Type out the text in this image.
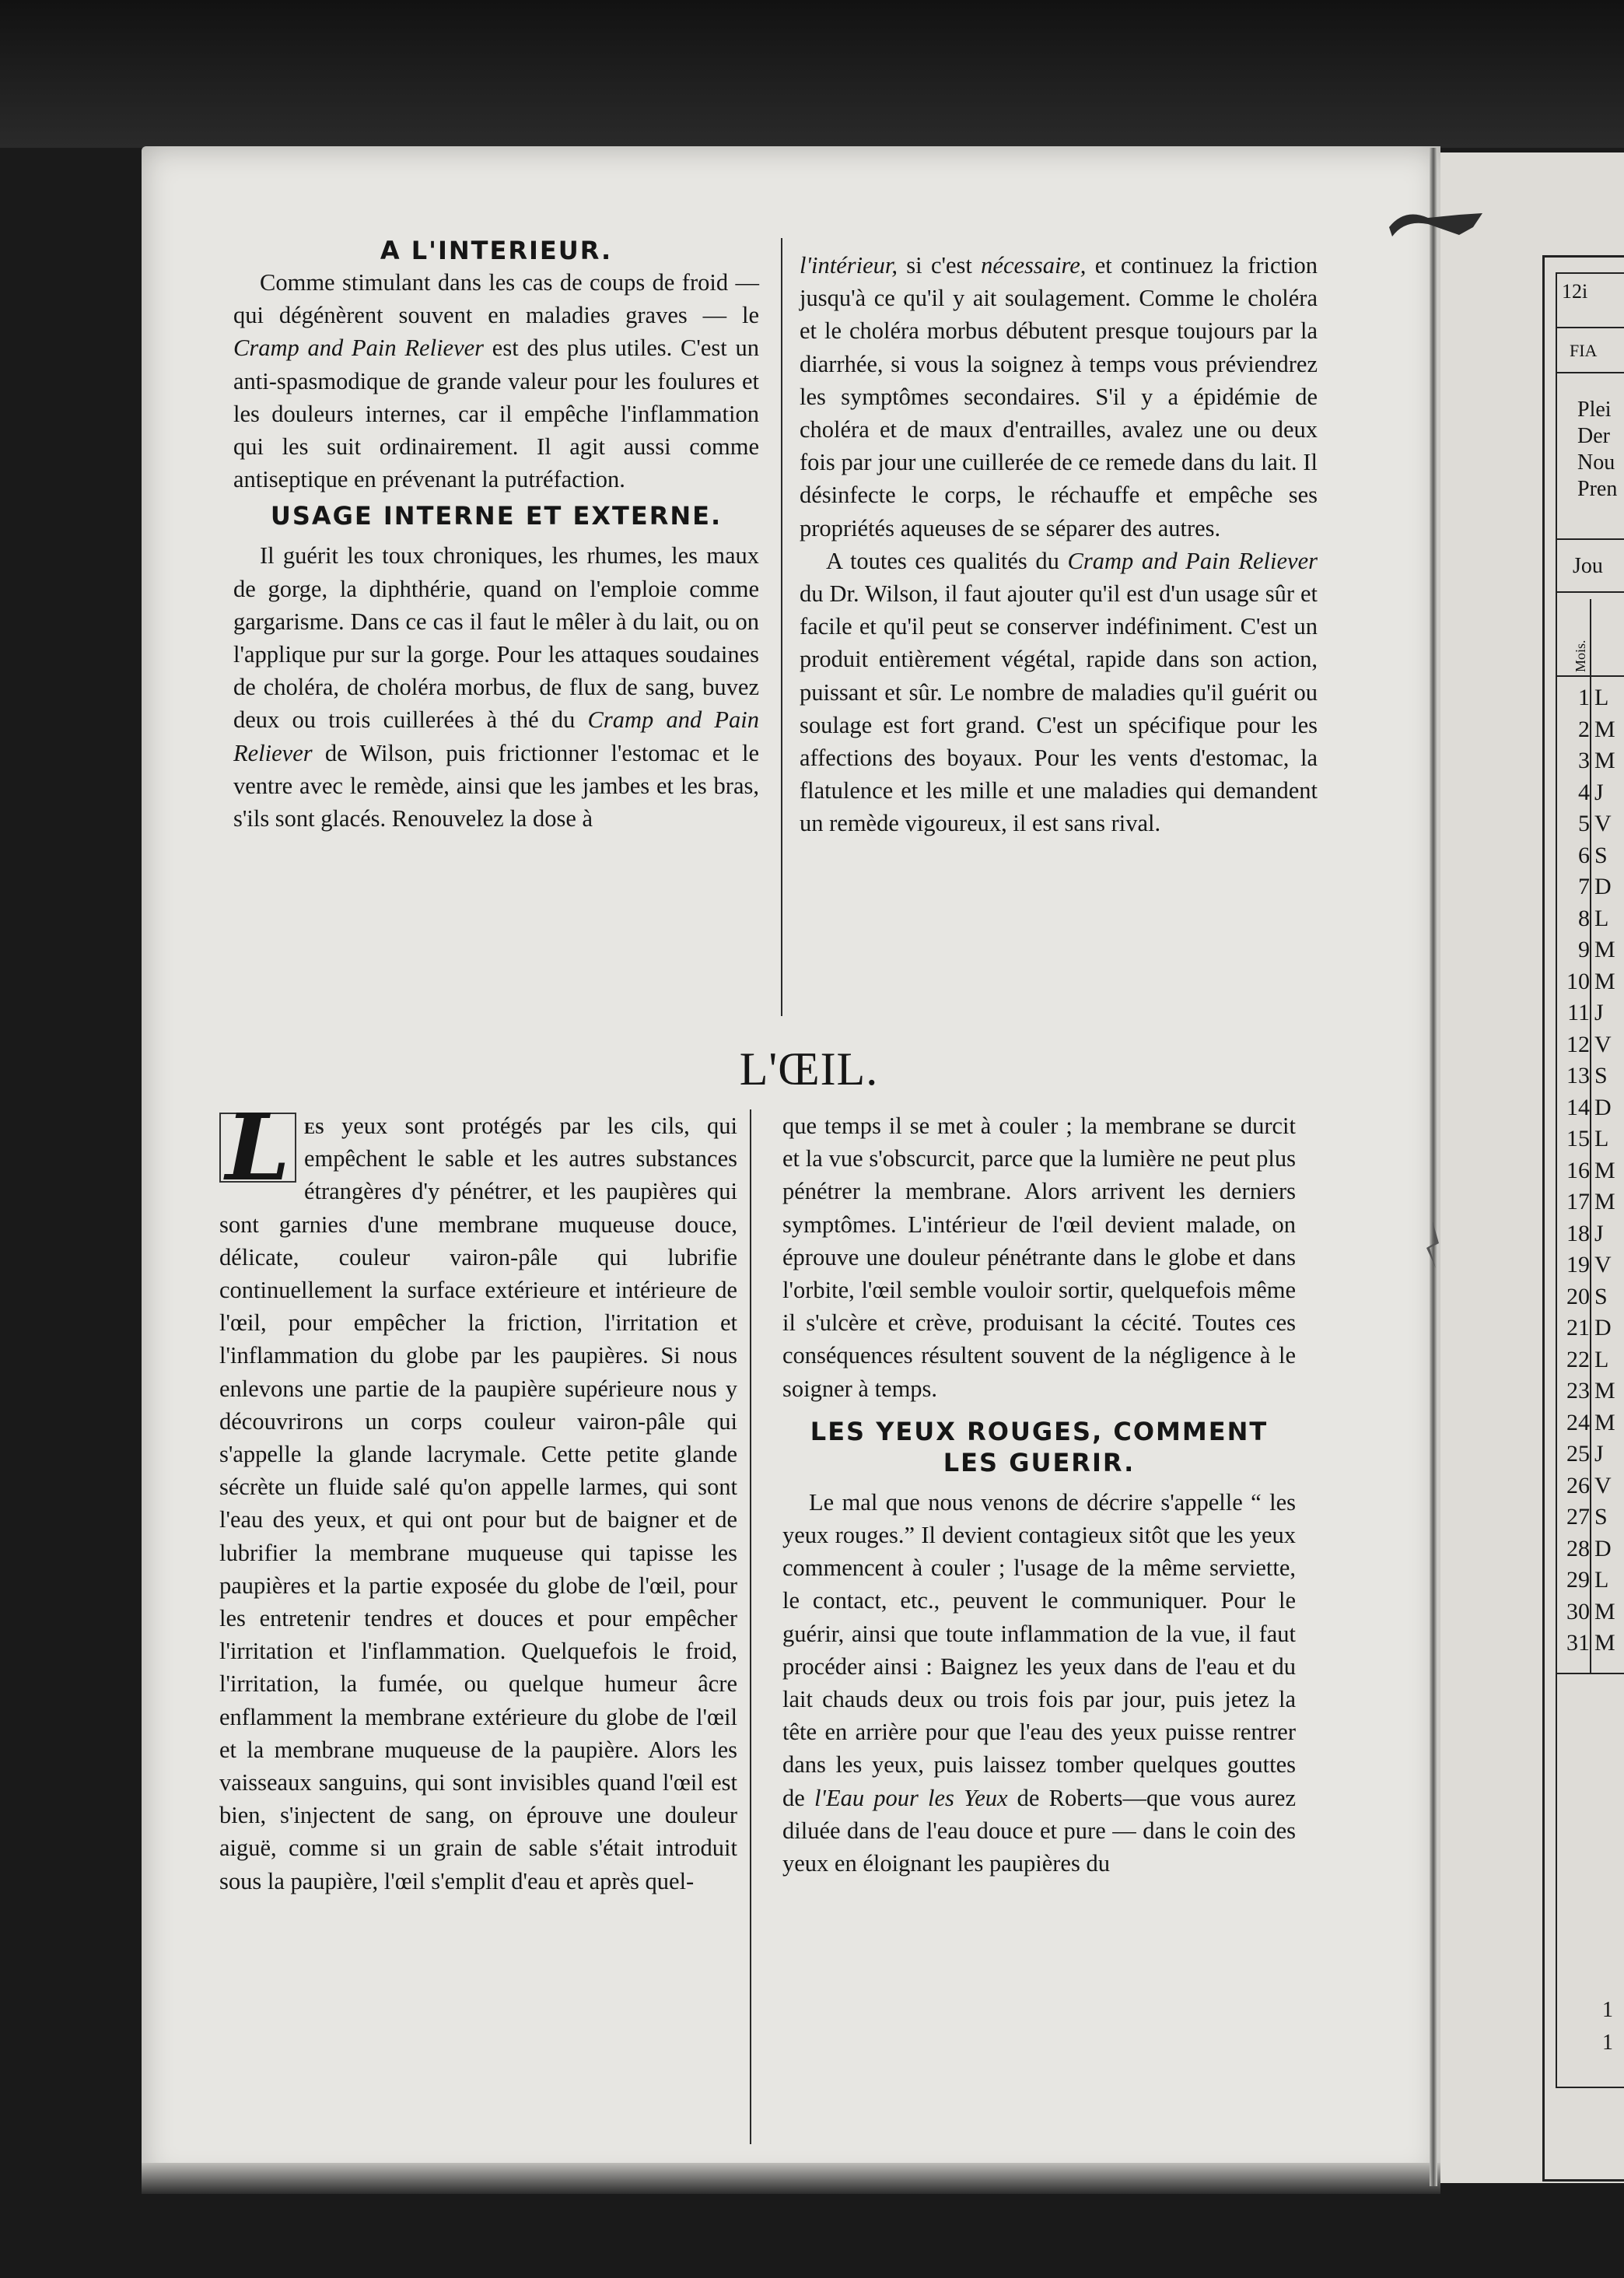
12i
FIA
Plei
Der
Nou
Pren
Jou
Mois.
1 L
2 M
3 M
4 J
5 V
6 S
7 D
8 L
9 M
10 M
11 J
12 V
13 S
14 D
15 L
16 M
17 M
18 J
19 V
20 S
21 D
22 L
23 M
24 M
25 J
26 V
27 S
28 D
29 L
30 M
31 M
1
1
A L'INTERIEUR.

Comme stimulant dans les cas de coups de froid — qui dégénèrent souvent en maladies graves — le Cramp and Pain Reliever est des plus utiles. C'est un anti-spasmodique de grande valeur pour les foulures et les douleurs internes, car il empêche l'inflammation qui les suit ordinairement. Il agit aussi comme antiseptique en prévenant la putréfaction.

USAGE INTERNE ET EXTERNE.

Il guérit les toux chroniques, les rhumes, les maux de gorge, la diphthérie, quand on l'emploie comme gargarisme. Dans ce cas il faut le mêler à du lait, ou on l'applique pur sur la gorge. Pour les attaques soudaines de choléra, de choléra morbus, de flux de sang, buvez deux ou trois cuillerées à thé du Cramp and Pain Reliever de Wilson, puis frictionner l'estomac et le ventre avec le remède, ainsi que les jambes et les bras, s'ils sont glacés. Renouvelez la dose à

l'intérieur, si c'est nécessaire, et continuez la friction jusqu'à ce qu'il y ait soulagement. Comme le choléra et le choléra morbus débutent presque toujours par la diarrhée, si vous la soignez à temps vous préviendrez les symptômes secondaires. S'il y a épidémie de choléra et de maux d'entrailles, avalez une ou deux fois par jour une cuillerée de ce remede dans du lait. Il désinfecte le corps, le réchauffe et empêche ses propriétés aqueuses de se séparer des autres.

A toutes ces qualités du Cramp and Pain Reliever du Dr. Wilson, il faut ajouter qu'il est d'un usage sûr et facile et qu'il peut se conserver indéfiniment. C'est un produit entièrement végétal, rapide dans son action, puissant et sûr. Le nombre de maladies qu'il guérit ou soulage est fort grand. C'est un spécifique pour les affections des boyaux. Pour les vents d'estomac, la flatulence et les mille et une maladies qui demandent un remède vigoureux, il est sans rival.

L'ŒIL.

L es yeux sont protégés par les cils, qui empêchent le sable et les autres substances étrangères d'y pénétrer, et les paupières qui sont garnies d'une membrane muqueuse douce, délicate, couleur vairon-pâle qui lubrifie continuellement la surface extérieure et intérieure de l'œil, pour empêcher la friction, l'irritation et l'inflammation du globe par les paupières. Si nous enlevons une partie de la paupière supérieure nous y découvrirons un corps couleur vairon-pâle qui s'appelle la glande lacrymale. Cette petite glande sécrète un fluide salé qu'on appelle larmes, qui sont l'eau des yeux, et qui ont pour but de baigner et de lubrifier la membrane muqueuse qui tapisse les paupières et la partie exposée du globe de l'œil, pour les entretenir tendres et douces et pour empêcher l'irritation et l'inflammation. Quelquefois le froid, l'irritation, la fumée, ou quelque humeur âcre enflamment la membrane extérieure du globe de l'œil et la membrane muqueuse de la paupière. Alors les vaisseaux sanguins, qui sont invisibles quand l'œil est bien, s'injectent de sang, on éprouve une douleur aiguë, comme si un grain de sable s'était introduit sous la paupière, l'œil s'emplit d'eau et après quel-

que temps il se met à couler ; la membrane se durcit et la vue s'obscurcit, parce que la lumière ne peut plus pénétrer la membrane. Alors arrivent les derniers symptômes. L'intérieur de l'œil devient malade, on éprouve une douleur pénétrante dans le globe et dans l'orbite, l'œil semble vouloir sortir, quelquefois même il s'ulcère et crève, produisant la cécité. Toutes ces conséquences résultent souvent de la négligence à le soigner à temps.

LES YEUX ROUGES, COMMENT LES GUERIR.

Le mal que nous venons de décrire s'appelle “ les yeux rouges.” Il devient contagieux sitôt que les yeux commencent à couler ; l'usage de la même serviette, le contact, etc., peuvent le communiquer. Pour le guérir, ainsi que toute inflammation de la vue, il faut procéder ainsi : Baignez les yeux dans de l'eau et du lait chauds deux ou trois fois par jour, puis jetez la tête en arrière pour que l'eau des yeux puisse rentrer dans les yeux, puis laissez tomber quelques gouttes de l'Eau pour les Yeux de Roberts—que vous aurez diluée dans de l'eau douce et pure — dans le coin des yeux en éloignant les paupières du
